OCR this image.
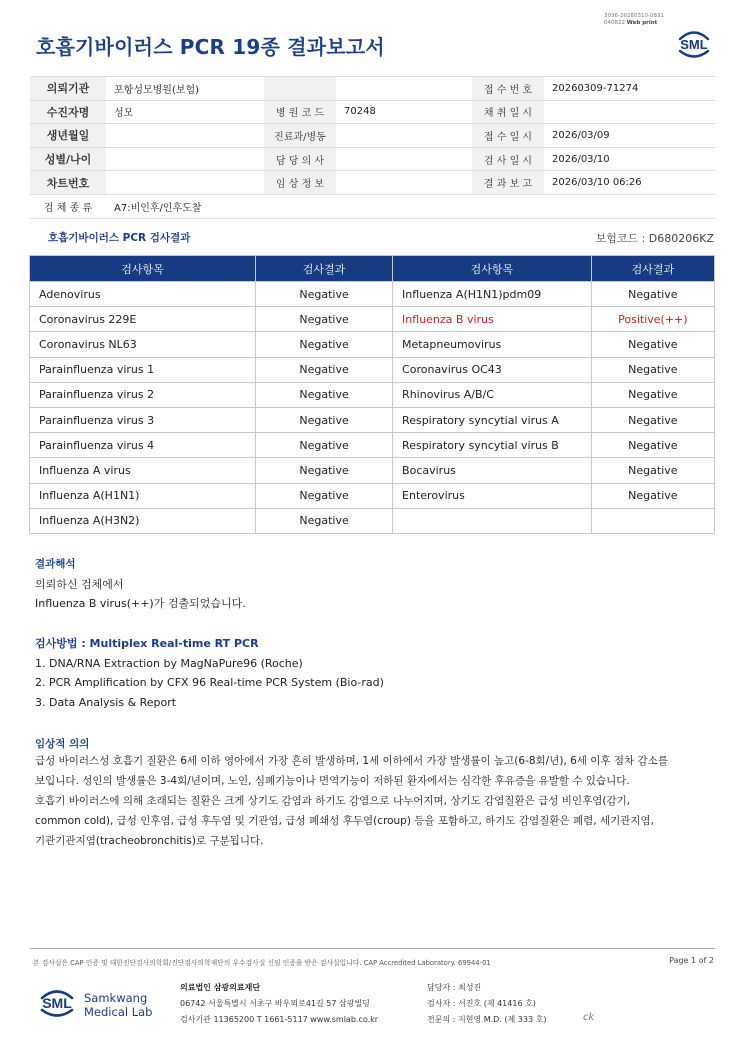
3036-20260310-0831
040822 Web print
호흡기바이러스 PCR 19종 결과보고서	SML
의뢰기관	포항성모병원(보험)			접 수 번 호	20260309-71274
수진자명	성모	병 원 코 드	70248	채 취 일 시	
생년월일		진료과/병동		접 수 일 시	2026/03/09
성별/나이		담 당 의 사		검 사 일 시	2026/03/10
차트번호		임 상 정 보		결 과 보 고	2026/03/10 06:26
검 체 종 류	A7:비인후/인후도찰				
호흡기바이러스 PCR 검사결과	보험코드 : D680206KZ
검사항목	검사결과	검사항목	검사결과
Adenovirus	Negative	Influenza A(H1N1)pdm09	Negative
Coronavirus 229E	Negative	Influenza B virus	Positive(++)
Coronavirus NL63	Negative	Metapneumovirus	Negative
Parainfluenza virus 1	Negative	Coronavirus OC43	Negative
Parainfluenza virus 2	Negative	Rhinovirus A/B/C	Negative
Parainfluenza virus 3	Negative	Respiratory syncytial virus A	Negative
Parainfluenza virus 4	Negative	Respiratory syncytial virus B	Negative
Influenza A virus	Negative	Bocavirus	Negative
Influenza A(H1N1)	Negative	Enterovirus	Negative
Influenza A(H3N2)	Negative		
결과해석
의뢰하신 검체에서
Influenza B virus(++)가 검출되었습니다.
검사방법 : Multiplex Real-time RT PCR
1. DNA/RNA Extraction by MagNaPure96 (Roche)
2. PCR Amplification by CFX 96 Real-time PCR System (Bio-rad)
3. Data Analysis & Report
임상적 의의
급성 바이러스성 호흡기 질환은 6세 이하 영아에서 가장 흔히 발생하며, 1세 이하에서 가장 발생률이 높고(6-8회/년), 6세 이후 점차 감소를
보입니다. 성인의 발생률은 3-4회/년이며, 노인, 심폐기능이나 면역기능이 저하된 환자에서는 심각한 후유증을 유발할 수 있습니다.
호흡기 바이러스에 의해 초래되는 질환은 크게 상기도 감염과 하기도 감염으로 나누어지며, 상기도 감염질환은 급성 비인후염(감기,
common cold), 급성 인후염, 급성 후두염 및 기관염, 급성 폐쇄성 후두염(croup) 등을 포함하고, 하기도 감염질환은 폐렴, 세기관지염,
기관기관지염(tracheobronchitis)로 구분됩니다.
본 검사실은 CAP 인증 및 대한진단검사의학회/진단검사의학재단의 우수검사실 신임 인증을 받은 검사실입니다. CAP Accredited Laboratory. 69944-01	Page 1 of 2
SML Samkwang
Medical Lab
의료법인 삼광의료재단
06742 서울특별시 서초구 바우뫼로41길 57 삼광빌딩
검사기관 11365200 T 1661-5117 www.smlab.co.kr
담당자 : 최성진
검사자 : 서진호 (제 41416 호)
전문의 : 지현영 M.D. (제 333 호)	ck
